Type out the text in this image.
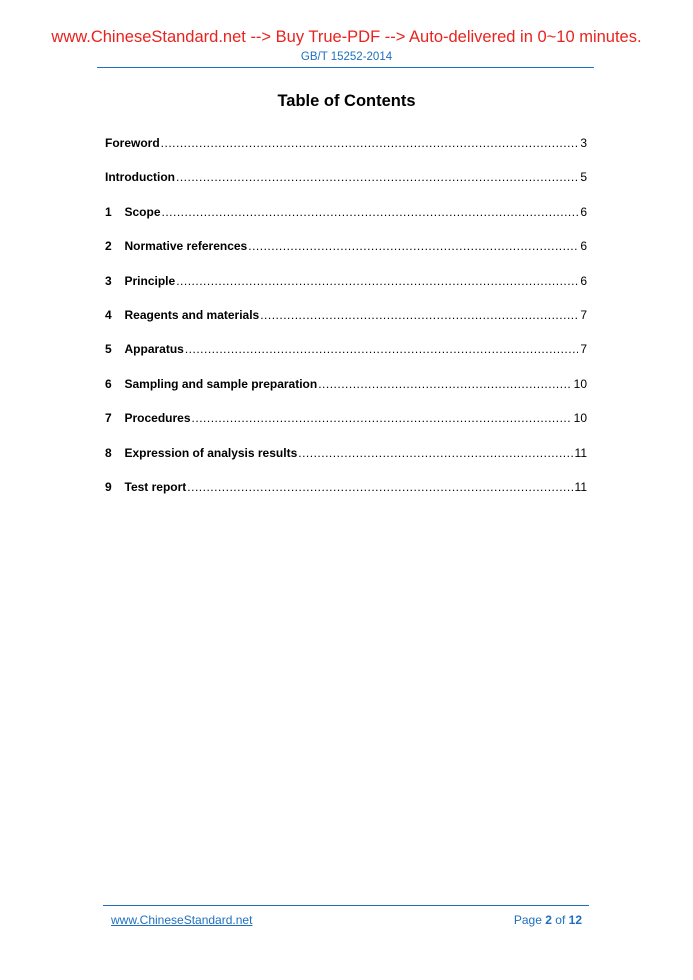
www.ChineseStandard.net --> Buy True-PDF --> Auto-delivered in 0~10 minutes.
GB/T 15252-2014
Table of Contents
Foreword .....	3
Introduction .....	5
1	Scope .....	6
2	Normative references .....	6
3	Principle .....	6
4	Reagents and materials .....	7
5	Apparatus .....	7
6	Sampling and sample preparation .....	10
7	Procedures .....	10
8	Expression of analysis results .....	11
9	Test report .....	11
www.ChineseStandard.net	Page 2 of 12
